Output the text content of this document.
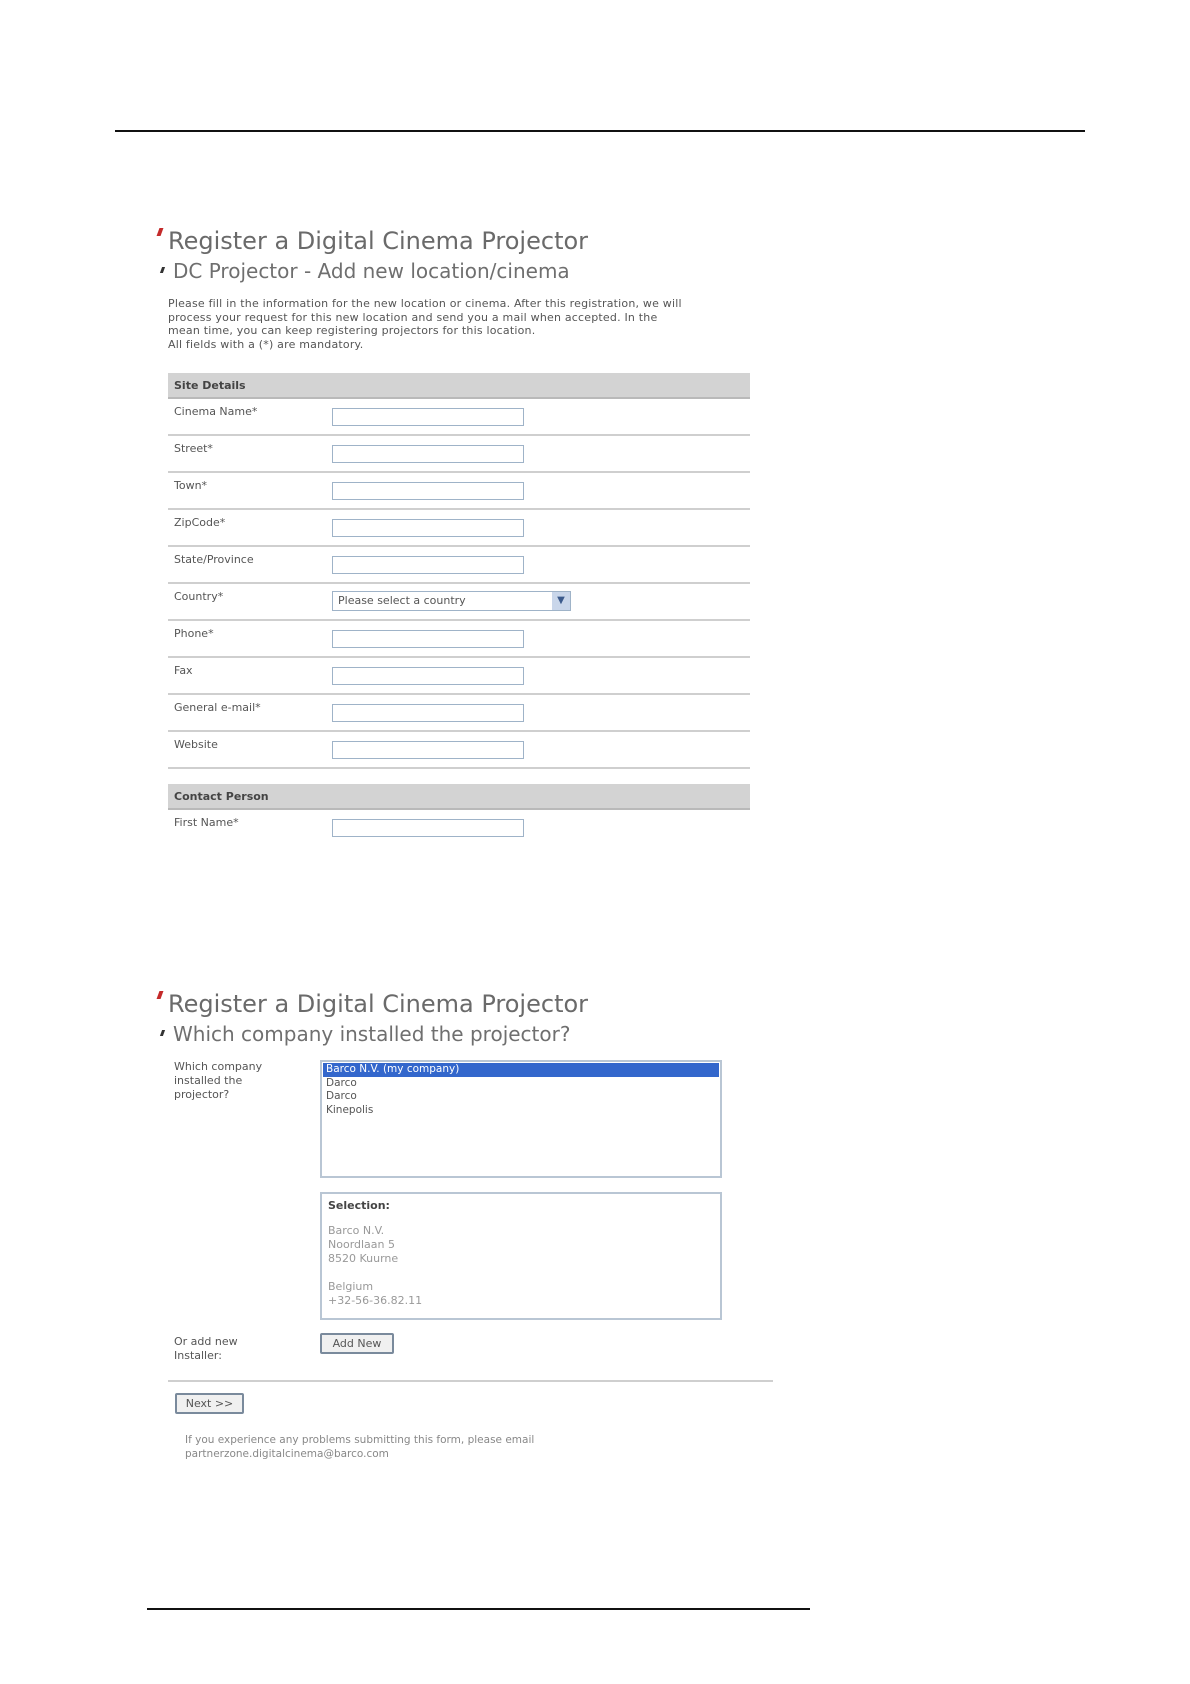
Register a Digital Cinema Projector
DC Projector - Add new location/cinema

Please fill in the information for the new location or cinema. After this registration, we will

process your request for this new location and send you a mail when accepted. In the

mean time, you can keep registering projectors for this location.

All fields with a (*) are mandatory.

Site Details
Cinema Name*
Street*
Town*
ZipCode*
State/Province
Country*	Please select a country	▼
Phone*
Fax
General e-mail*
Website
Contact Person
First Name*
Register a Digital Cinema Projector
Which company installed the projector?
Which company
installed the
projector?
Barco N.V. (my company)
Darco
Darco
Kinepolis
Selection:
Barco N.V.
Noordlaan 5
8520 Kuurne
Belgium
+32-56-36.82.11
Or add new
Installer:
Add New
Next >>
If you experience any problems submitting this form, please email
partnerzone.digitalcinema@barco.com
